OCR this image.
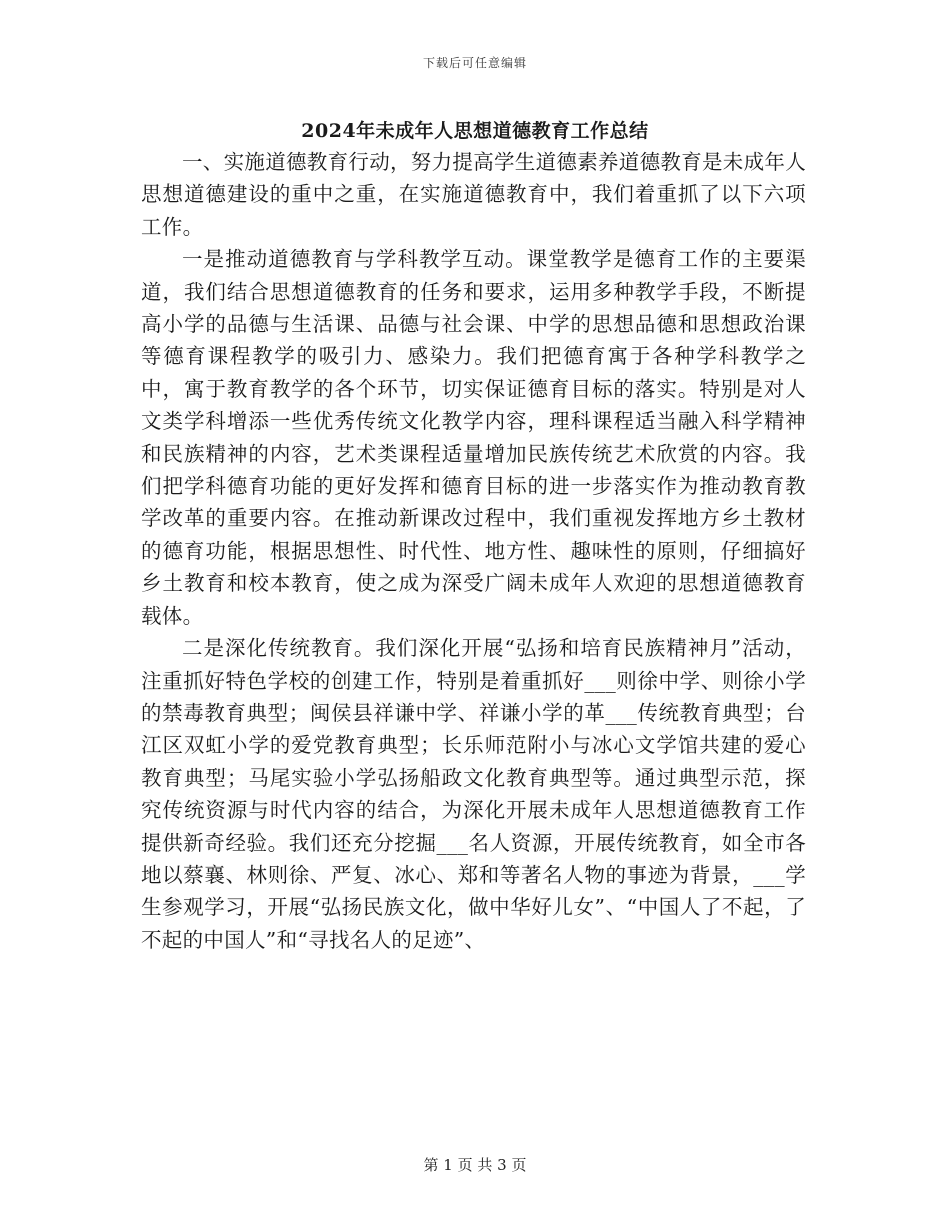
下载后可任意编辑
2024年未成年人思想道德教育工作总结

一、实施道德教育行动，努力提高学生道德素养道德教育是未成年人思想道德建设的重中之重，在实施道德教育中，我们着重抓了以下六项工作。

一是推动道德教育与学科教学互动。课堂教学是德育工作的主要渠道，我们结合思想道德教育的任务和要求，运用多种教学手段，不断提高小学的品德与生活课、品德与社会课、中学的思想品德和思想政治课等德育课程教学的吸引力、感染力。我们把德育寓于各种学科教学之中，寓于教育教学的各个环节，切实保证德育目标的落实。特别是对人文类学科增添一些优秀传统文化教学内容，理科课程适当融入科学精神和民族精神的内容，艺术类课程适量增加民族传统艺术欣赏的内容。我们把学科德育功能的更好发挥和德育目标的进一步落实作为推动教育教学改革的重要内容。在推动新课改过程中，我们重视发挥地方乡土教材的德育功能，根据思想性、时代性、地方性、趣味性的原则，仔细搞好乡土教育和校本教育，使之成为深受广阔未成年人欢迎的思想道德教育载体。

二是深化传统教育。我们深化开展“弘扬和培育民族精神月”活动，注重抓好特色学校的创建工作，特别是着重抓好___则徐中学、则徐小学的禁毒教育典型；闽侯县祥谦中学、祥谦小学的革___传统教育典型；台江区双虹小学的爱党教育典型；长乐师范附小与冰心文学馆共建的爱心教育典型；马尾实验小学弘扬船政文化教育典型等。通过典型示范，探究传统资源与时代内容的结合，为深化开展未成年人思想道德教育工作提供新奇经验。我们还充分挖掘___名人资源，开展传统教育，如全市各地以蔡襄、林则徐、严复、冰心、郑和等著名人物的事迹为背景，___学生参观学习，开展“弘扬民族文化，做中华好儿女”、“中国人了不起，了不起的中国人”和“寻找名人的足迹”、

第 1 页 共 3 页
